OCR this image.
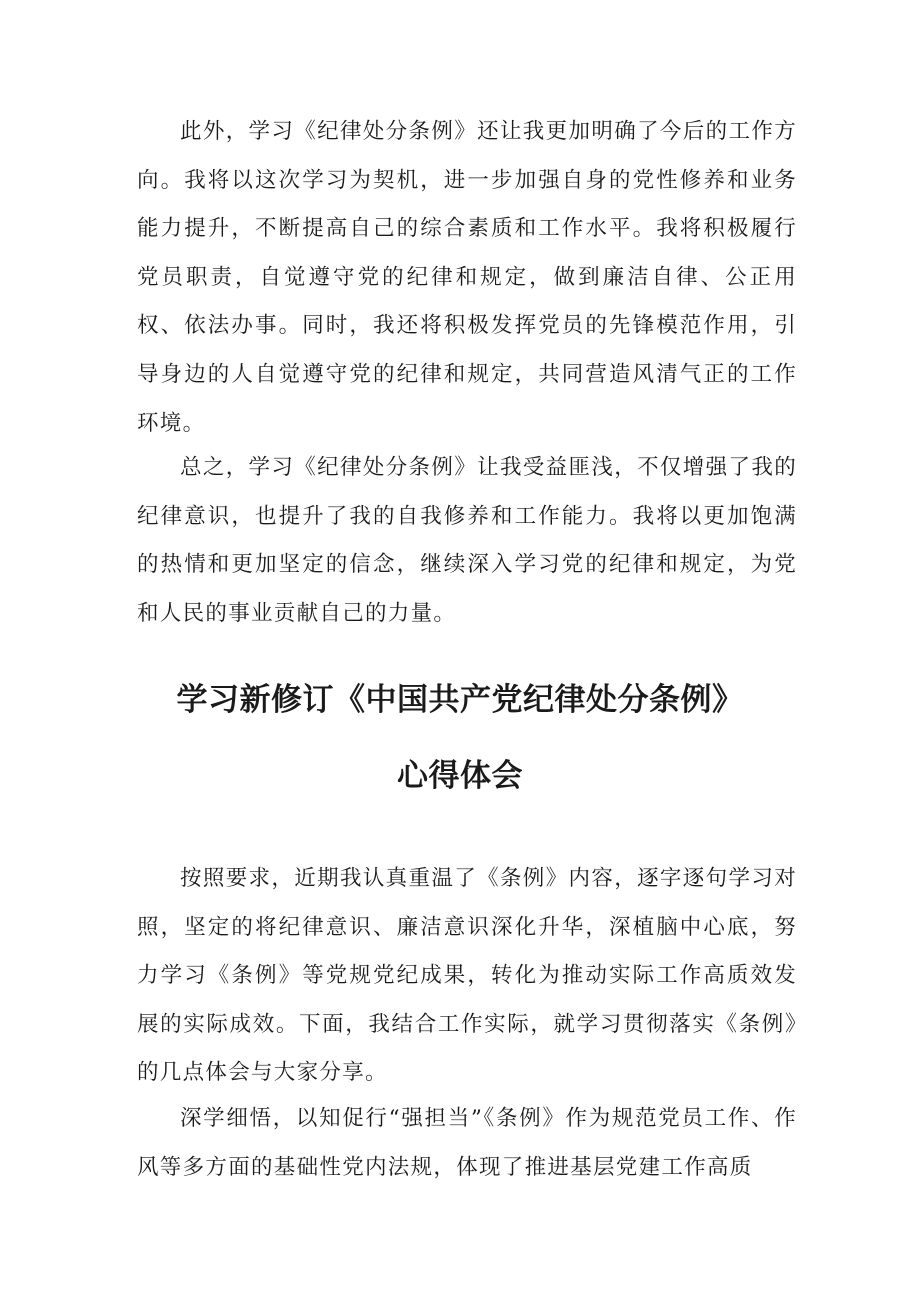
此外，学习《纪律处分条例》还让我更加明确了今后的工作方向。我将以这次学习为契机，进一步加强自身的党性修养和业务能力提升，不断提高自己的综合素质和工作水平。我将积极履行党员职责，自觉遵守党的纪律和规定，做到廉洁自律、公正用权、依法办事。同时，我还将积极发挥党员的先锋模范作用，引导身边的人自觉遵守党的纪律和规定，共同营造风清气正的工作环境。

总之，学习《纪律处分条例》让我受益匪浅，不仅增强了我的纪律意识，也提升了我的自我修养和工作能力。我将以更加饱满的热情和更加坚定的信念，继续深入学习党的纪律和规定，为党和人民的事业贡献自己的力量。

学习新修订《中国共产党纪律处分条例》
心得体会

按照要求，近期我认真重温了《条例》内容，逐字逐句学习对照，坚定的将纪律意识、廉洁意识深化升华，深植脑中心底，努力学习《条例》等党规党纪成果，转化为推动实际工作高质效发展的实际成效。下面，我结合工作实际，就学习贯彻落实《条例》的几点体会与大家分享。

深学细悟，以知促行“强担当”《条例》作为规范党员工作、作风等多方面的基础性党内法规，体现了推进基层党建工作高质
